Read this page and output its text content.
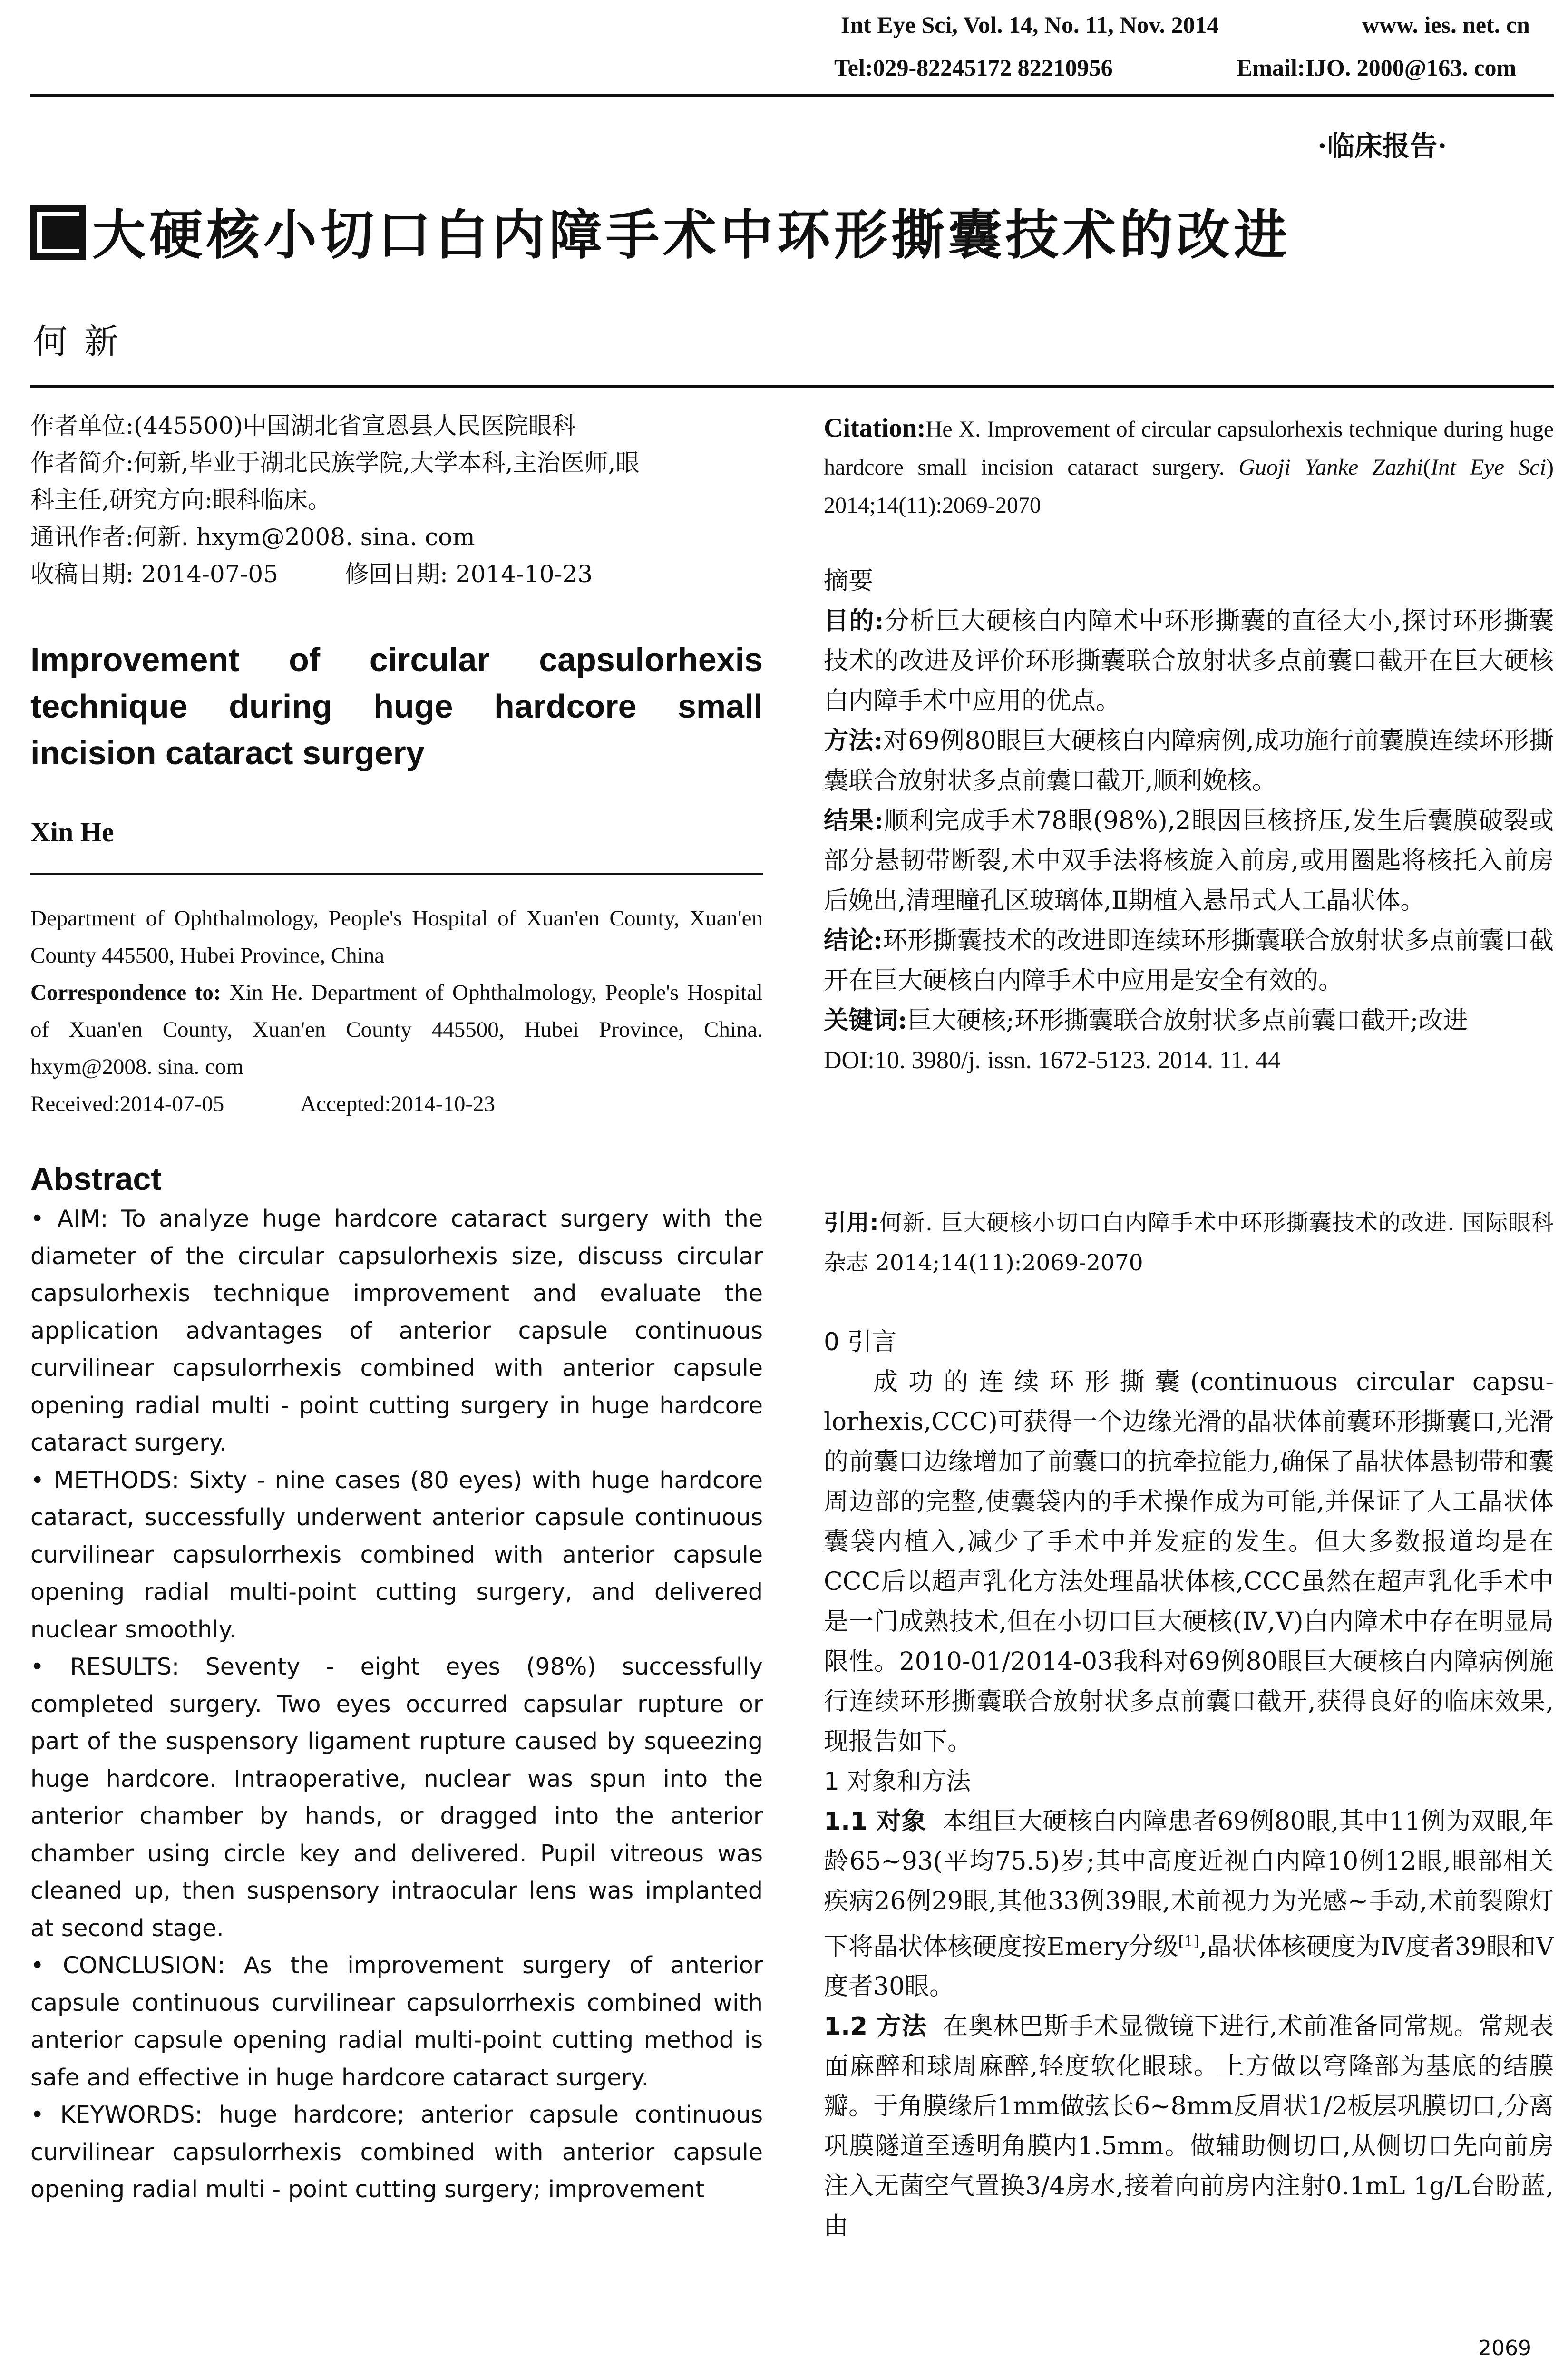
Int Eye Sci, Vol. 14, No. 11, Nov. 2014	www. ies. net. cn
Tel:029-82245172 82210956	Email:IJO. 2000@163. com
·临床报告·
大硬核小切口白内障手术中环形撕囊技术的改进
何 新

作者单位:(445500)中国湖北省宣恩县人民医院眼科

作者简介:何新,毕业于湖北民族学院,大学本科,主治医师,眼

科主任,研究方向:眼科临床。

通讯作者:何新. hxym@2008. sina. com

收稿日期: 2014-07-05	修回日期: 2014-10-23

Improvement of circular capsulorhexis technique during huge hardcore small incision cataract surgery

Xin He

Department of Ophthalmology, People's Hospital of Xuan'en County, Xuan'en County 445500, Hubei Province, China

Correspondence to: Xin He. Department of Ophthalmology, People's Hospital of Xuan'en County, Xuan'en County 445500, Hubei Province, China. hxym@2008. sina. com

Received:2014-07-05	Accepted:2014-10-23

Abstract

• AIM: To analyze huge hardcore cataract surgery with the diameter of the circular capsulorhexis size, discuss circular capsulorhexis technique improvement and evaluate the application advantages of anterior capsule continuous curvilinear capsulorrhexis combined with anterior capsule opening radial multi - point cutting surgery in huge hardcore cataract surgery.

• METHODS: Sixty - nine cases (80 eyes) with huge hardcore cataract, successfully underwent anterior capsule continuous curvilinear capsulorrhexis combined with anterior capsule opening radial multi-point cutting surgery, and delivered nuclear smoothly.

• RESULTS: Seventy - eight eyes (98%) successfully completed surgery. Two eyes occurred capsular rupture or part of the suspensory ligament rupture caused by squeezing huge hardcore. Intraoperative, nuclear was spun into the anterior chamber by hands, or dragged into the anterior chamber using circle key and delivered. Pupil vitreous was cleaned up, then suspensory intraocular lens was implanted at second stage.

• CONCLUSION: As the improvement surgery of anterior capsule continuous curvilinear capsulorrhexis combined with anterior capsule opening radial multi-point cutting method is safe and effective in huge hardcore cataract surgery.

• KEYWORDS: huge hardcore; anterior capsule continuous curvilinear capsulorrhexis combined with anterior capsule opening radial multi - point cutting surgery; improvement

Citation:He X. Improvement of circular capsulorhexis technique during huge hardcore small incision cataract surgery. Guoji Yanke Zazhi(Int Eye Sci) 2014;14(11):2069-2070

摘要

目的:分析巨大硬核白内障术中环形撕囊的直径大小,探讨环形撕囊技术的改进及评价环形撕囊联合放射状多点前囊口截开在巨大硬核白内障手术中应用的优点。

方法:对69例80眼巨大硬核白内障病例,成功施行前囊膜连续环形撕囊联合放射状多点前囊口截开,顺利娩核。

结果:顺利完成手术78眼(98%),2眼因巨核挤压,发生后囊膜破裂或部分悬韧带断裂,术中双手法将核旋入前房,或用圈匙将核托入前房后娩出,清理瞳孔区玻璃体,Ⅱ期植入悬吊式人工晶状体。

结论:环形撕囊技术的改进即连续环形撕囊联合放射状多点前囊口截开在巨大硬核白内障手术中应用是安全有效的。

关键词:巨大硬核;环形撕囊联合放射状多点前囊口截开;改进

DOI:10. 3980/j. issn. 1672-5123. 2014. 11. 44

引用:何新. 巨大硬核小切口白内障手术中环形撕囊技术的改进. 国际眼科杂志 2014;14(11):2069-2070

0 引言

成功的连续环形撕囊(continuous circular capsu-lorhexis,CCC)可获得一个边缘光滑的晶状体前囊环形撕囊口,光滑的前囊口边缘增加了前囊口的抗牵拉能力,确保了晶状体悬韧带和囊周边部的完整,使囊袋内的手术操作成为可能,并保证了人工晶状体囊袋内植入,减少了手术中并发症的发生。但大多数报道均是在CCC后以超声乳化方法处理晶状体核,CCC虽然在超声乳化手术中是一门成熟技术,但在小切口巨大硬核(Ⅳ,Ⅴ)白内障术中存在明显局限性。2010-01/2014-03我科对69例80眼巨大硬核白内障病例施行连续环形撕囊联合放射状多点前囊口截开,获得良好的临床效果,现报告如下。

1 对象和方法

1.1 对象 本组巨大硬核白内障患者69例80眼,其中11例为双眼,年龄65~93(平均75.5)岁;其中高度近视白内障10例12眼,眼部相关疾病26例29眼,其他33例39眼,术前视力为光感~手动,术前裂隙灯下将晶状体核硬度按Emery分级[1],晶状体核硬度为Ⅳ度者39眼和Ⅴ度者30眼。

1.2 方法 在奥林巴斯手术显微镜下进行,术前准备同常规。常规表面麻醉和球周麻醉,轻度软化眼球。上方做以穹隆部为基底的结膜瓣。于角膜缘后1mm做弦长6~8mm反眉状1/2板层巩膜切口,分离巩膜隧道至透明角膜内1.5mm。做辅助侧切口,从侧切口先向前房注入无菌空气置换3/4房水,接着向前房内注射0.1mL 1g/L台盼蓝,由

2069
